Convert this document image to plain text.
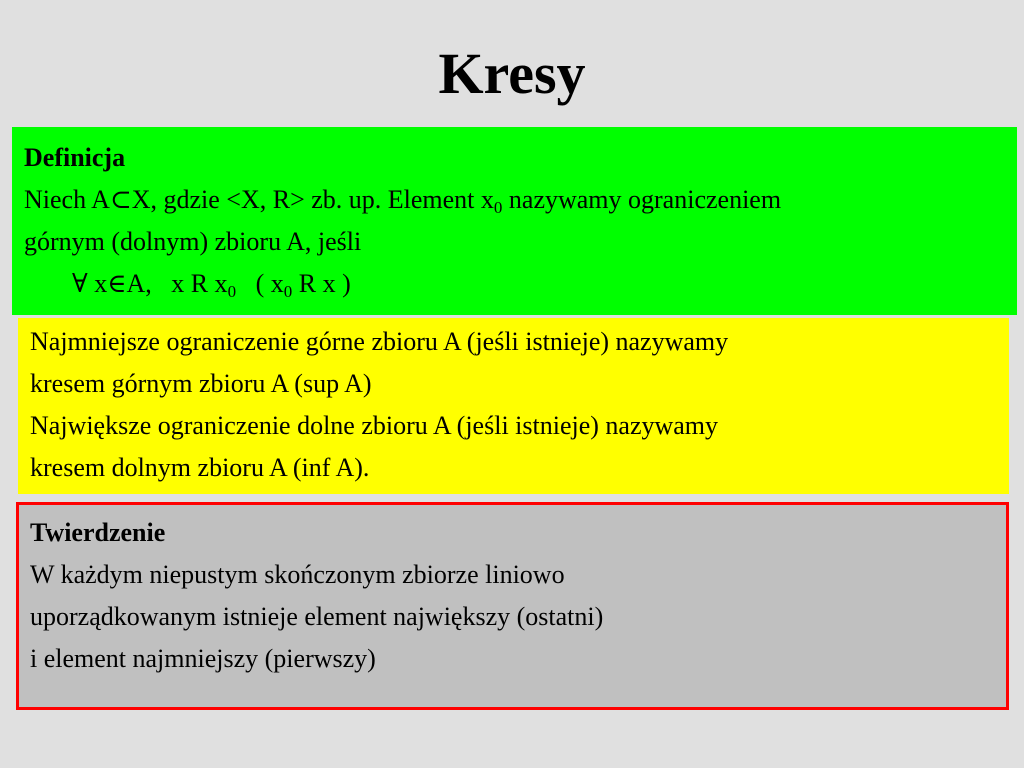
Kresy
Definicja
Niech A⊂X, gdzie <X, R> zb. up. Element $x_0$ nazywamy ograniczeniem
górnym (dolnym) zbioru A, jeśli
∀ x∈A,   x R $x_0$   ( $x_0$ R x )
Najmniejsze ograniczenie górne zbioru A (jeśli istnieje) nazywamy
kresem górnym zbioru A (sup A)
Największe ograniczenie dolne zbioru A (jeśli istnieje) nazywamy
kresem dolnym zbioru A (inf A).
Twierdzenie
W każdym niepustym skończonym zbiorze liniowo
uporządkowanym istnieje element największy (ostatni)
i element najmniejszy (pierwszy)
